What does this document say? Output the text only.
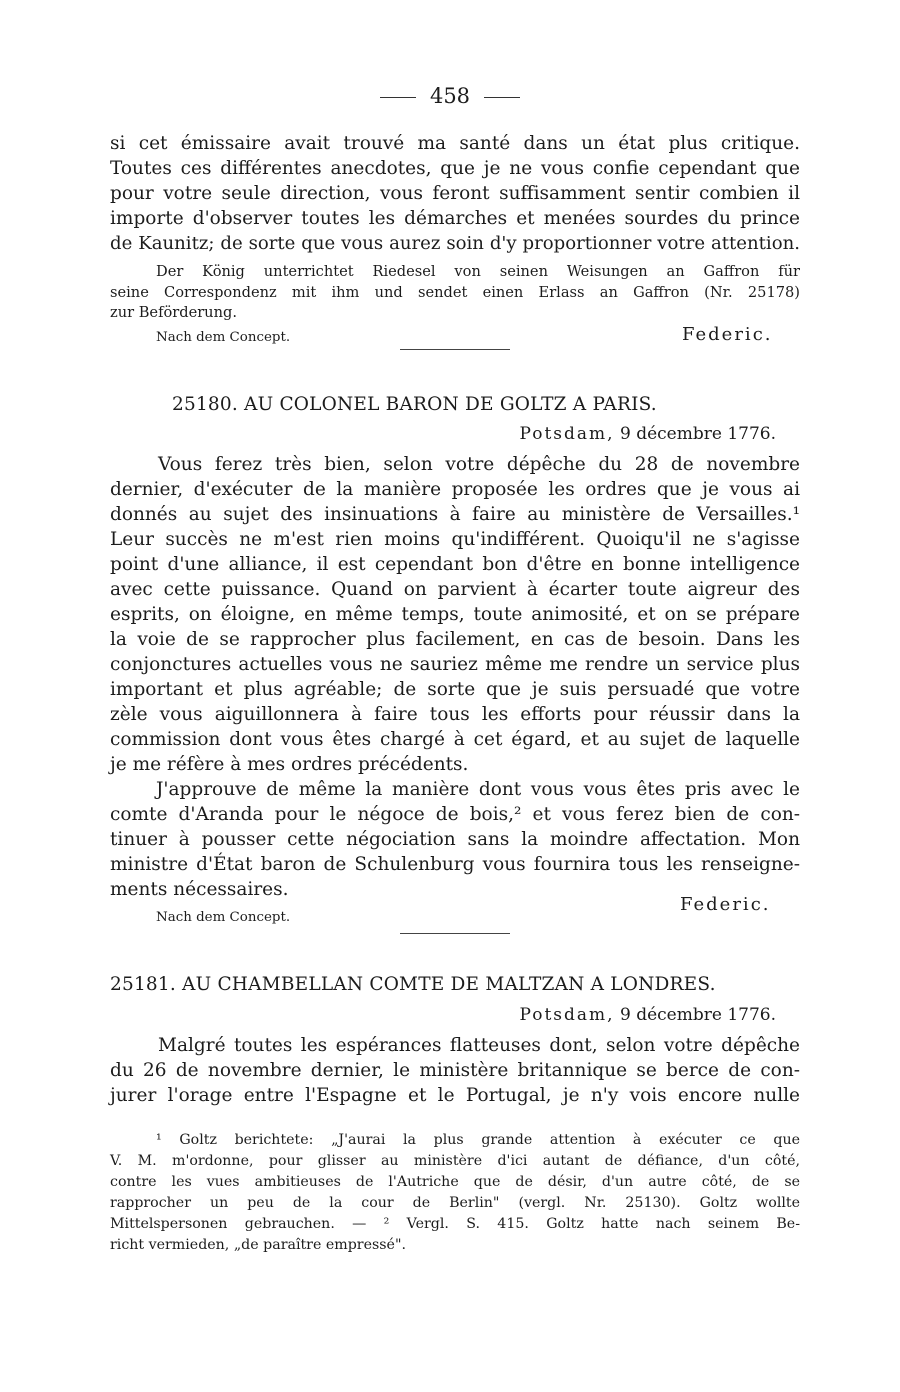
458
si cet émissaire avait trouvé ma santé dans un état plus critique.
Toutes ces différentes anecdotes, que je ne vous confie cependant que
pour votre seule direction, vous feront suffisamment sentir combien il
importe d'observer toutes les démarches et menées sourdes du prince
de Kaunitz; de sorte que vous aurez soin d'y proportionner votre attention.
Der König unterrichtet Riedesel von seinen Weisungen an Gaffron für
seine Correspondenz mit ihm und sendet einen Erlass an Gaffron (Nr. 25178)
zur Beförderung.
Nach dem Concept.	Federic.
25180. AU COLONEL BARON DE GOLTZ A PARIS.
Potsdam, 9 décembre 1776.
Vous ferez très bien, selon votre dépêche du 28 de novembre
dernier, d'exécuter de la manière proposée les ordres que je vous ai
donnés au sujet des insinuations à faire au ministère de Versailles.¹
Leur succès ne m'est rien moins qu'indifférent. Quoiqu'il ne s'agisse
point d'une alliance, il est cependant bon d'être en bonne intelligence
avec cette puissance. Quand on parvient à écarter toute aigreur des
esprits, on éloigne, en même temps, toute animosité, et on se prépare
la voie de se rapprocher plus facilement, en cas de besoin. Dans les
conjonctures actuelles vous ne sauriez même me rendre un service plus
important et plus agréable; de sorte que je suis persuadé que votre
zèle vous aiguillonnera à faire tous les efforts pour réussir dans la
commission dont vous êtes chargé à cet égard, et au sujet de laquelle
je me réfère à mes ordres précédents.
J'approuve de même la manière dont vous vous êtes pris avec le
comte d'Aranda pour le négoce de bois,² et vous ferez bien de con-
tinuer à pousser cette négociation sans la moindre affectation. Mon
ministre d'État baron de Schulenburg vous fournira tous les renseigne-
ments nécessaires.
Nach dem Concept.
Federic.
25181. AU CHAMBELLAN COMTE DE MALTZAN A LONDRES.
Potsdam, 9 décembre 1776.
Malgré toutes les espérances flatteuses dont, selon votre dépêche
du 26 de novembre dernier, le ministère britannique se berce de con-
jurer l'orage entre l'Espagne et le Portugal, je n'y vois encore nulle
¹ Goltz berichtete: „J'aurai la plus grande attention à exécuter ce que
V. M. m'ordonne, pour glisser au ministère d'ici autant de défiance, d'un côté,
contre les vues ambitieuses de l'Autriche que de désir, d'un autre côté, de se
rapprocher un peu de la cour de Berlin" (vergl. Nr. 25130). Goltz wollte
Mittelspersonen gebrauchen. — ² Vergl. S. 415. Goltz hatte nach seinem Be-
richt vermieden, „de paraître empressé".
